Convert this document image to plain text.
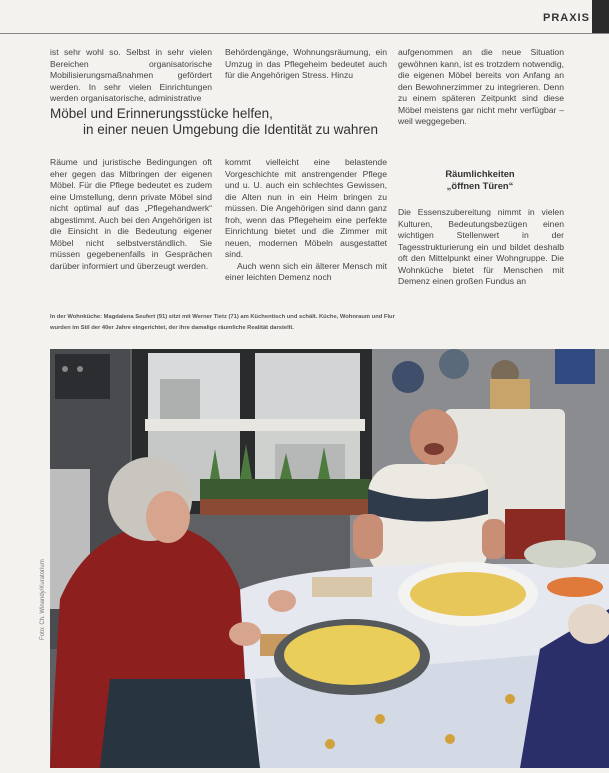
PRAXIS

ist sehr wohl so. Selbst in sehr vielen Bereichen organisatorische Mobilisierungsmaßnahmen gefördert werden. In sehr vielen Einrichtungen werden organisatorische, administrative

Behördengänge, Wohnungsräumung, ein Umzug in das Pflegeheim bedeutet auch für die Angehörigen Stress. Hinzu

aufgenommen an die neue Situation gewöhnen kann, ist es trotzdem notwendig, die eigenen Möbel bereits von Anfang an den Bewohnerzimmer zu integrieren. Denn zu einem späteren Zeitpunkt sind diese Möbel meistens gar nicht mehr verfügbar – weil weggegeben.

Möbel und Erinnerungsstücke helfen,
in einer neuen Umgebung die Identität zu wahren

Räume und juristische Bedingungen oft eher gegen das Mitbringen der eigenen Möbel. Für die Pflege bedeutet es zudem eine Umstellung, denn private Möbel sind nicht optimal auf das „Pflegehandwerk“ abgestimmt. Auch bei den Angehörigen ist die Einsicht in die Bedeutung eigener Möbel nicht selbstverständlich. Sie müssen gegebenenfalls in Gesprächen darüber informiert und überzeugt werden.

kommt vielleicht eine belastende Vorgeschichte mit anstrengender Pflege und u. U. auch ein schlechtes Gewissen, die Alten nun in ein Heim bringen zu müssen. Die Angehörigen sind dann ganz froh, wenn das Pflegeheim eine perfekte Einrichtung bietet und die Zimmer mit neuen, modernen Möbeln ausgestattet sind.

Auch wenn sich ein älterer Mensch mit einer leichten Demenz noch

Räumlichkeiten
„öffnen Türen“

Die Essenszubereitung nimmt in vielen Kulturen, Bedeutungsbezügen einen wichtigen Stellenwert in der Tagesstrukturierung ein und bildet deshalb oft den Mittelpunkt einer Wohngruppe. Die Wohnküche bietet für Menschen mit Demenz einen großen Fundus an

In der Wohnküche: Magdalena Seufert (91) sitzt mit Werner Tietz (71) am Küchentisch und schält. Küche, Wohnraum und Flur
wurden im Stil der 40er Jahre eingerichtet, der ihre damalige räumliche Realität darstellt.
Foto: Ch. Winandy/Kuratorium
